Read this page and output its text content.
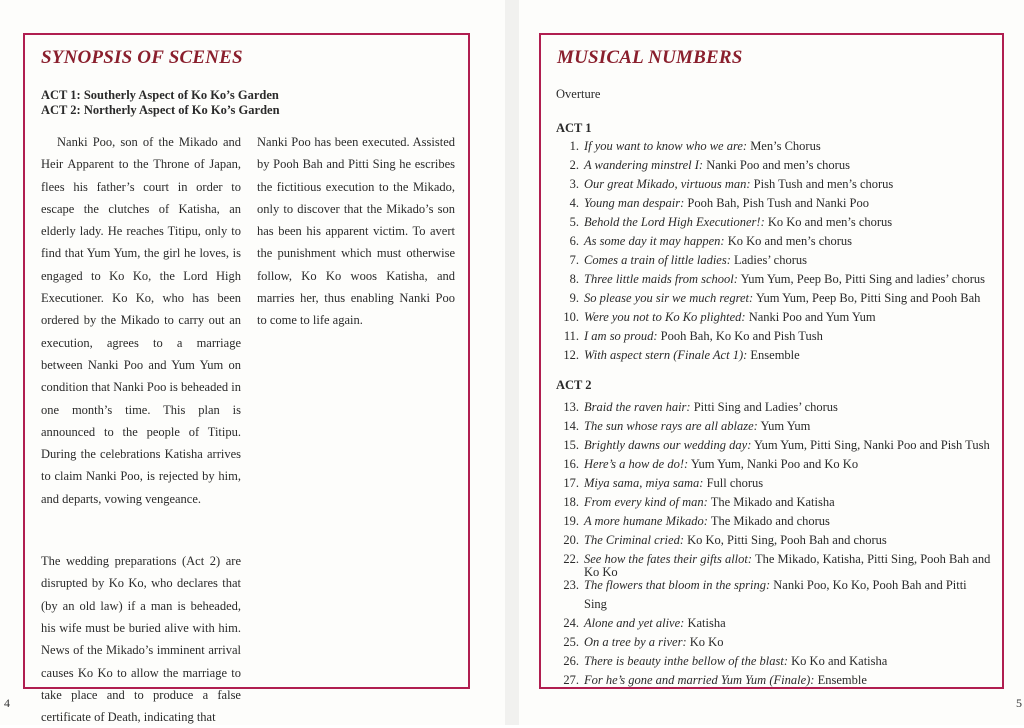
SYNOPSIS OF SCENES
ACT 1: Southerly Aspect of Ko Ko’s Garden
ACT 2: Northerly Aspect of Ko Ko’s Garden

Nanki Poo, son of the Mikado and Heir Apparent to the Throne of Japan, flees his father’s court in order to escape the clutches of Katisha, an elderly lady. He reaches Titipu, only to find that Yum Yum, the girl he loves, is engaged to Ko Ko, the Lord High Executioner. Ko Ko, who has been ordered by the Mikado to carry out an execution, agrees to a marriage between Nanki Poo and Yum Yum on condition that Nanki Poo is beheaded in one month’s time. This plan is announced to the people of Titipu. During the celebrations Katisha arrives to claim Nanki Poo, is rejected by him, and departs, vowing vengeance.

The wedding preparations (Act 2) are disrupted by Ko Ko, who declares that (by an old law) if a man is beheaded, his wife must be buried alive with him. News of the Mikado’s imminent arrival causes Ko Ko to allow the marriage to take place and to produce a false certificate of Death, indicating that

Nanki Poo has been executed. Assisted by Pooh Bah and Pitti Sing he escribes the fictitious execution to the Mikado, only to discover that the Mikado’s son has been his apparent victim. To avert the punishment which must otherwise follow, Ko Ko woos Katisha, and marries her, thus enabling Nanki Poo to come to life again.

4
MUSICAL NUMBERS
Overture
ACT 1
1. If you want to know who we are: Men’s Chorus
2. A wandering minstrel I: Nanki Poo and men’s chorus
3. Our great Mikado, virtuous man: Pish Tush and men’s chorus
4. Young man despair: Pooh Bah, Pish Tush and Nanki Poo
5. Behold the Lord High Executioner!: Ko Ko and men’s chorus
6. As some day it may happen: Ko Ko and men’s chorus
7. Comes a train of little ladies: Ladies’ chorus
8. Three little maids from school: Yum Yum, Peep Bo, Pitti Sing and ladies’ chorus
9. So please you sir we much regret: Yum Yum, Peep Bo, Pitti Sing and Pooh Bah
10. Were you not to Ko Ko plighted: Nanki Poo and Yum Yum
11. I am so proud: Pooh Bah, Ko Ko and Pish Tush
12. With aspect stern (Finale Act 1): Ensemble
ACT 2
13. Braid the raven hair: Pitti Sing and Ladies’ chorus
14. The sun whose rays are all ablaze: Yum Yum
15. Brightly dawns our wedding day: Yum Yum, Pitti Sing, Nanki Poo and Pish Tush
16. Here’s a how de do!: Yum Yum, Nanki Poo and Ko Ko
17. Miya sama, miya sama: Full chorus
18. From every kind of man: The Mikado and Katisha
19. A more humane Mikado: The Mikado and chorus
20. The Criminal cried: Ko Ko, Pitti Sing, Pooh Bah and chorus
22. See how the fates their gifts allot: The Mikado, Katisha, Pitti Sing, Pooh Bah and Ko Ko
23. The flowers that bloom in the spring: Nanki Poo, Ko Ko, Pooh Bah and Pitti Sing
24. Alone and yet alive: Katisha
25. On a tree by a river: Ko Ko
26. There is beauty inthe bellow of the blast: Ko Ko and Katisha
27. For he’s gone and married Yum Yum (Finale): Ensemble
5
